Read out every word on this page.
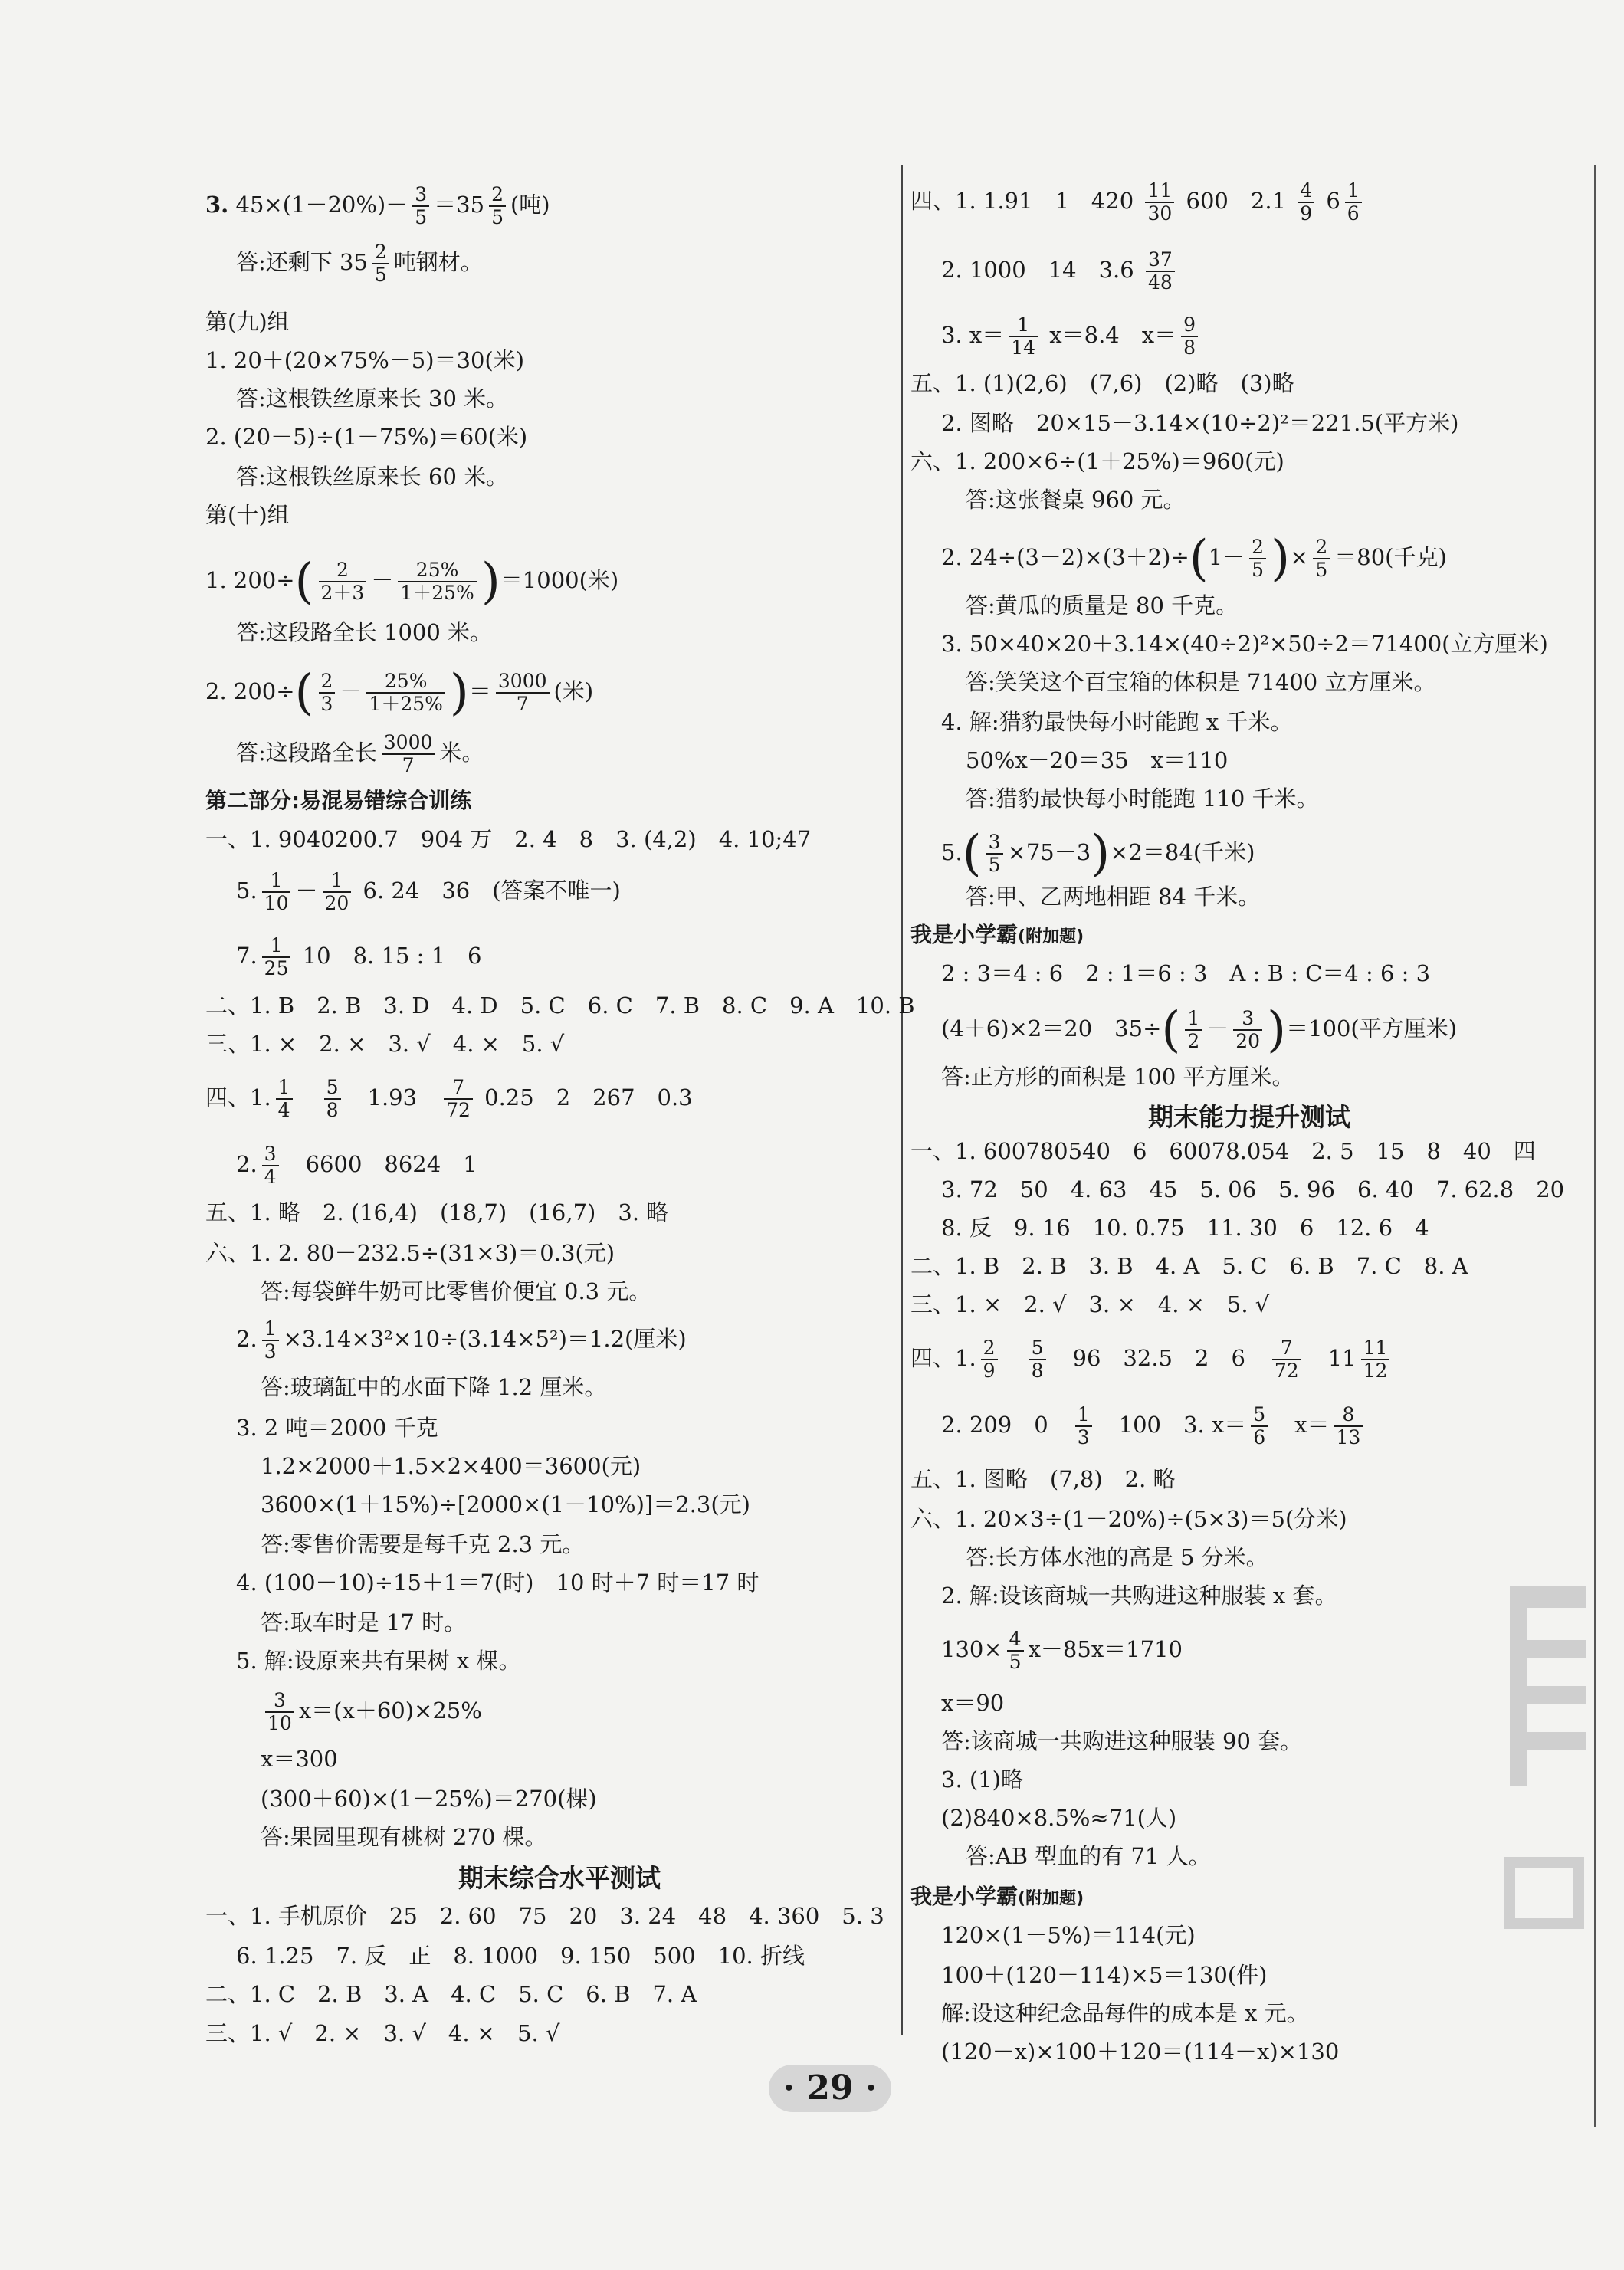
3. $45\times(1-20\%)- \frac{3}{5} =35 \frac{2}{5}$ (吨)
答:还剩下 $35 \frac{2}{5}$ 吨钢材。
第(九)组
1. 20＋(20×75%－5)＝30(米)
答:这根铁丝原来长 30 米。
2. (20－5)÷(1－75%)＝60(米)
答:这根铁丝原来长 60 米。
第(十)组
1. $200\div( \frac{2}{2+3} - \frac{25\%}{1+25\%} )=1000$(米)
答:这段路全长 1000 米。
2. $200\div( \frac{2}{3} - \frac{25\%}{1+25\%}$ )＝ $\frac{3000}{7}$ (米)
答:这段路全长 $\frac{3000}{7}$ 米。
第二部分:易混易错综合训练
一、1. 9040200.7　904 万　2. 4　8　3. (4,2)　4. 10;47
5. $\frac{1}{10} - \frac{1}{20} 6$. 24　36　(答案不唯一)
7. $\frac{1}{25} 10$　8. 15 : 1　6
二、1. B　2. B　3. D　4. D　5. C　6. C　7. B　8. C　9. A　10. B
三、1. ×　2. ×　3. √　4. ×　5. √
四、1. $\frac{1}{4}$
　 $\frac{5}{8}$
　 1.93　 $\frac{7}{72} 0.25$　2　267　0.3
2. $\frac{3}{4}$
　 6600　8624　1
五、1. 略　2. (16,4)　(18,7)　(16,7)　3. 略
六、1. 2. 80－232.5÷(31×3)＝0.3(元)
答:每袋鲜牛奶可比零售价便宜 0.3 元。
2. $\frac{1}{3} \times 3.14\times 3^2\times 10\div(3.14\times 5^2)=1.2$(厘米)
答:玻璃缸中的水面下降 1.2 厘米。
3. 2 吨＝2000 千克
1.2×2000＋1.5×2×400＝3600(元)
3600×(1＋15%)÷[2000×(1－10%)]＝2.3(元)
答:零售价需要是每千克 2.3 元。
4. (100－10)÷15＋1＝7(时)　10 时＋7 时＝17 时
答:取车时是 17 时。
5. 解:设原来共有果树 x 棵。
$\frac{3}{10} x=(x+60)\times 25\%$
x＝300
(300＋60)×(1－25%)＝270(棵)
答:果园里现有桃树 270 棵。
期末综合水平测试
一、1. 手机原价　25　2. 60　75　20　3. 24　48　4. 360　5. 3
6. 1.25　7. 反　正　8. 1000　9. 150　500　10. 折线
二、1. C　2. B　3. A　4. C　5. C　6. B　7. A
三、1. √　2. ×　3. √　4. ×　5. √
四、1. 1.91　1　$420 \frac{11}{30} 600$　$2.1 \frac{4}{9} 6 \frac{1}{6}$
2. 1000　14　$3.6 \frac{37}{48}$
3. $x= \frac{1}{14} x=8.4$　$x= \frac{9}{8}$
五、1. (1)(2,6)　(7,6)　(2)略　(3)略
2. 图略　20×15－3.14×(10÷2)²＝221.5(平方米)
六、1. 200×6÷(1＋25%)＝960(元)
答:这张餐桌 960 元。
2. $24\div(3-2)\times(3+2)\div(1- \frac{2}{5}$ )× $\frac{2}{5} =80$(千克)
答:黄瓜的质量是 80 千克。
3. 50×40×20＋3.14×(40÷2)²×50÷2＝71400(立方厘米)
答:笑笑这个百宝箱的体积是 71400 立方厘米。
4. 解:猎豹最快每小时能跑 x 千米。
50%x－20＝35　x＝110
答:猎豹最快每小时能跑 110 千米。
$5.( \frac{3}{5} \times 75-3)\times 2=84$(千米)
答:甲、乙两地相距 84 千米。
我是小学霸(附加题)
2 : 3＝4 : 6　2 : 1＝6 : 3　A : B : C＝4 : 6 : 3
(4＋6)×2＝20　$35\div( \frac{1}{2} - \frac{3}{20} )=100$(平方厘米)
答:正方形的面积是 100 平方厘米。
期末能力提升测试
一、1. 600780540　6　60078.054　2. 5　15　8　40　四
3. 72　50　4. 63　45　5. 06　5. 96　6. 40　7. 62.8　20
8. 反　9. 16　10. 0.75　11. 30　6　12. 6　4
二、1. B　2. B　3. B　4. A　5. C　6. B　7. C　8. A
三、1. ×　2. √　3. ×　4. ×　5. √
四、1. $\frac{2}{9}$
　 $\frac{5}{8}$
　 96　32.5　2　6　 $\frac{7}{72}$
　 $11 \frac{11}{12}$
2. 209　0　 $\frac{1}{3}$
　 100　3. $x= \frac{5}{6}$
　 $x= \frac{8}{13}$
五、1. 图略　(7,8)　2. 略
六、1. 20×3÷(1－20%)÷(5×3)＝5(分米)
答:长方体水池的高是 5 分米。
2. 解:设该商城一共购进这种服装 x 套。
$130\times \frac{4}{5} x-85x=1710$
x＝90
答:该商城一共购进这种服装 90 套。
3. (1)略
(2)840×8.5%≈71(人)
答:AB 型血的有 71 人。
我是小学霸(附加题)
120×(1－5%)＝114(元)
100＋(120－114)×5＝130(件)
解:设这种纪念品每件的成本是 x 元。
(120－x)×100＋120＝(114－x)×130
· 29 ·
